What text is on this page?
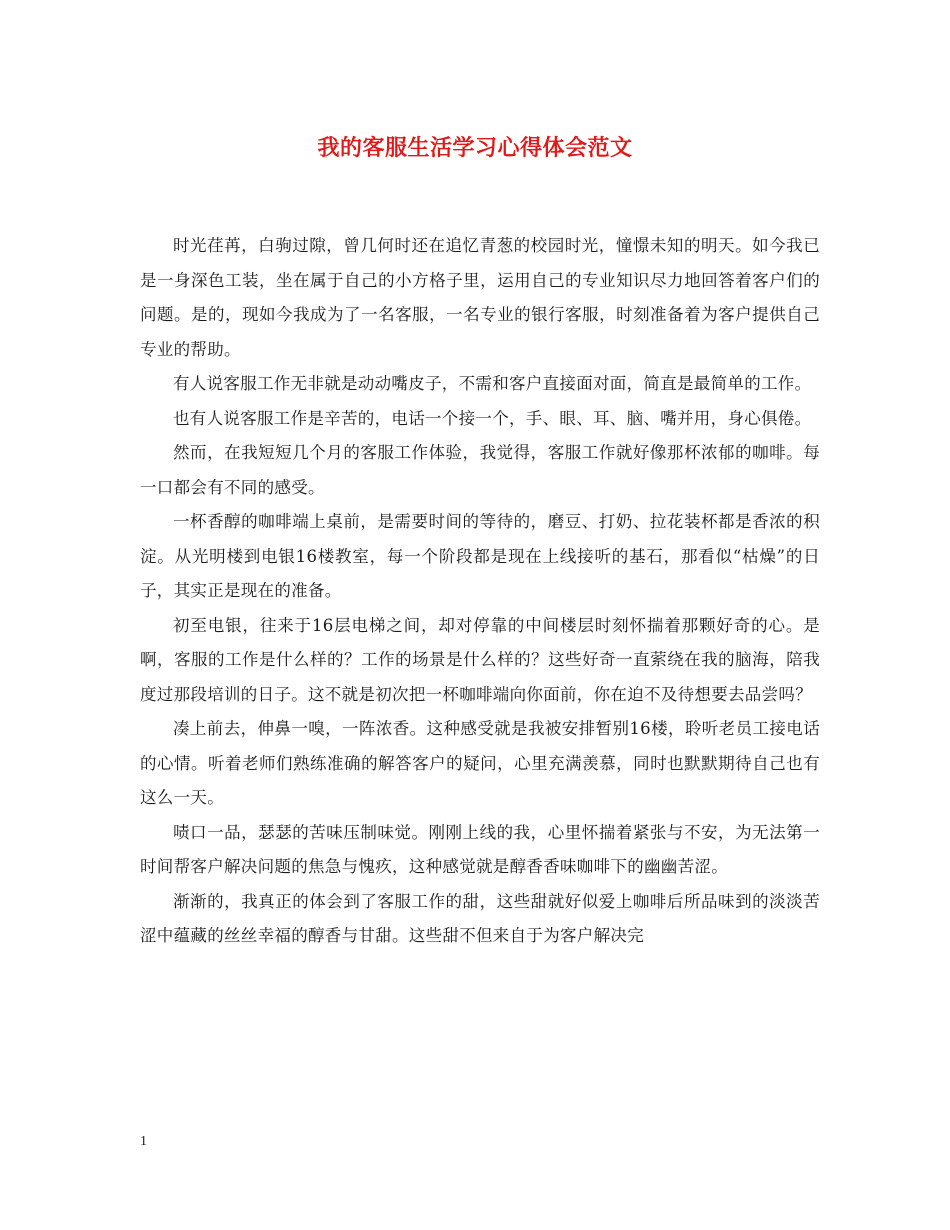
我的客服生活学习心得体会范文

时光荏苒，白驹过隙，曾几何时还在追忆青葱的校园时光，憧憬未知的明天。如今我已是一身深色工装，坐在属于自己的小方格子里，运用自己的专业知识尽力地回答着客户们的问题。是的，现如今我成为了一名客服，一名专业的银行客服，时刻准备着为客户提供自己专业的帮助。

有人说客服工作无非就是动动嘴皮子，不需和客户直接面对面，简直是最简单的工作。

也有人说客服工作是辛苦的，电话一个接一个，手、眼、耳、脑、嘴并用，身心俱倦。

然而，在我短短几个月的客服工作体验，我觉得，客服工作就好像那杯浓郁的咖啡。每一口都会有不同的感受。

一杯香醇的咖啡端上桌前，是需要时间的等待的，磨豆、打奶、拉花装杯都是香浓的积淀。从光明楼到电银16楼教室，每一个阶段都是现在上线接听的基石，那看似“枯燥”的日子，其实正是现在的准备。

初至电银，往来于16层电梯之间，却对停靠的中间楼层时刻怀揣着那颗好奇的心。是啊，客服的工作是什么样的？工作的场景是什么样的？这些好奇一直萦绕在我的脑海，陪我度过那段培训的日子。这不就是初次把一杯咖啡端向你面前，你在迫不及待想要去品尝吗？

凑上前去，伸鼻一嗅，一阵浓香。这种感受就是我被安排暂别16楼，聆听老员工接电话的心情。听着老师们熟练准确的解答客户的疑问，心里充满羡慕，同时也默默期待自己也有这么一天。

啧口一品，瑟瑟的苦味压制味觉。刚刚上线的我，心里怀揣着紧张与不安，为无法第一时间帮客户解决问题的焦急与愧疚，这种感觉就是醇香香味咖啡下的幽幽苦涩。

渐渐的，我真正的体会到了客服工作的甜，这些甜就好似爱上咖啡后所品味到的淡淡苦涩中蕴藏的丝丝幸福的醇香与甘甜。这些甜不但来自于为客户解决完

1
